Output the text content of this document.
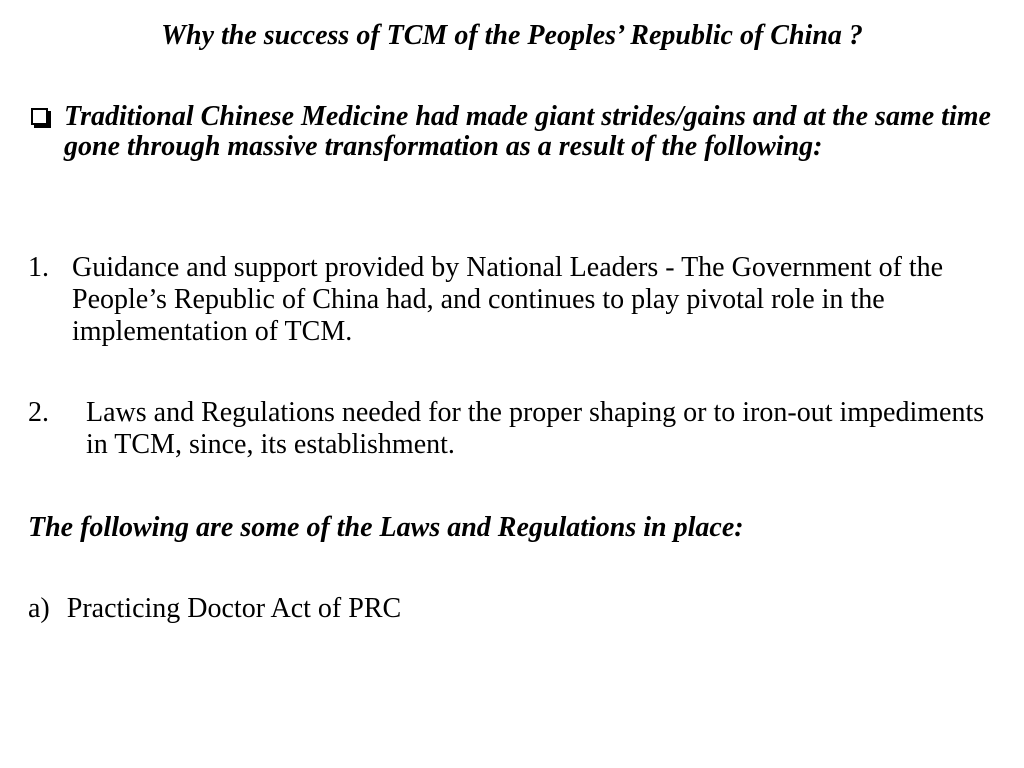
Why the success of TCM of the Peoples’ Republic of China ?
Traditional Chinese Medicine had made giant strides/gains and at the same time gone through massive transformation as a result of the following:
1. Guidance and support provided by National Leaders - The Government of the People’s Republic of China had, and continues to play pivotal role in the implementation of TCM.
2.	Laws and Regulations needed for the proper shaping or to iron-out impediments in TCM, since, its establishment.
The following are some of the Laws and Regulations in place:
a) Practicing Doctor Act of PRC
